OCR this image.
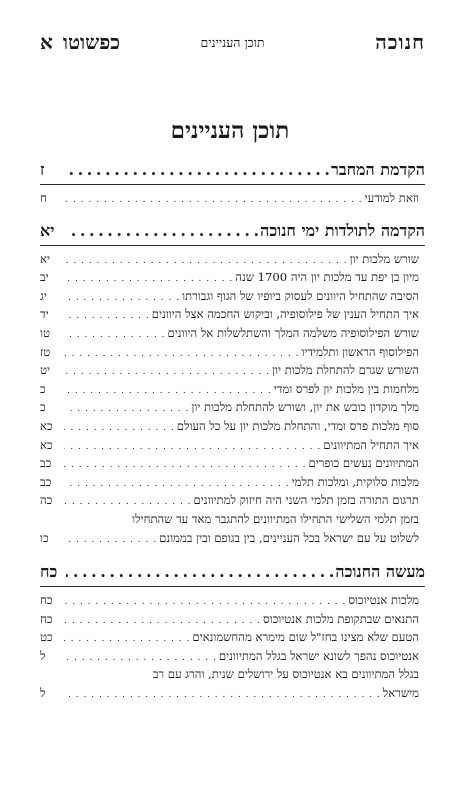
חנוכה
תוכן העניינים
כפשוטוא
תוכן העניינים
הקדמת המחבר
. . .
ז
וזאת למודעי
. . .
ח
הקדמה לתולדות ימי חנוכה
. . .
יא
שורש מלכות יון
. . .
יא
מיון בן יפת עד מלכות יון היה 1700 שנה
. . .
יב
הסיבה שהתחיל היוונים לעסוק ביופיו של הגוף וגבורתו
. . .
יג
איך התחיל הענין של פילוסופיה, וביקוש החכמה אצל היוונים
. . .
יד
שורש הפילוסופיה משלמה המלך והשתלשלות אל היוונים
. . .
טו
הפילוסוף הראשון ותלמידיו
. . .
טז
השורש שגרם להתחלת מלכות יון
. . .
יט
מלחמות בין מלכות יון לפרס ומדי
. . .
כ
מלך מוקדון כובש את יון, ושורש להתחלת מלכות יון
. . .
כ
סוף מלכות פרס ומדי, והתחלת מלכות יון על כל העולם
. . .
כא
איך התחיל המתיוונים
. . .
כא
המתיוונים נעשים כופרים
. . .
כב
מלכות סלוקית, ומלכות תלמי
. . .
כב
תרגום התורה בזמן תלמי השני היה חיזוק למתיוונים
. . .
כה
בזמן תלמי השלישי התחילו המתיוונים להתגבר מאד עד שהתחילו
לשלוט על עם ישראל בכל העניינים, בין בגופם ובין בממונם
. . .
כו
מעשה החנוכה
. . .
כח
מלכות אנטיוכוס
. . .
כח
התנאים שבתקופת מלכות אנטיוכוס
. . .
כח
הטעם שלא מצינו בחז"ל שום מימרא מהחשמונאים
. . .
כט
אנטיוכוס נהפך לשונא ישראל בגלל המתיוונים
. . .
ל
בגלל המתיוונים בא אנטיוכוס על ירושלים שנית, והרג עם רב
מישראל
. . .
ל
